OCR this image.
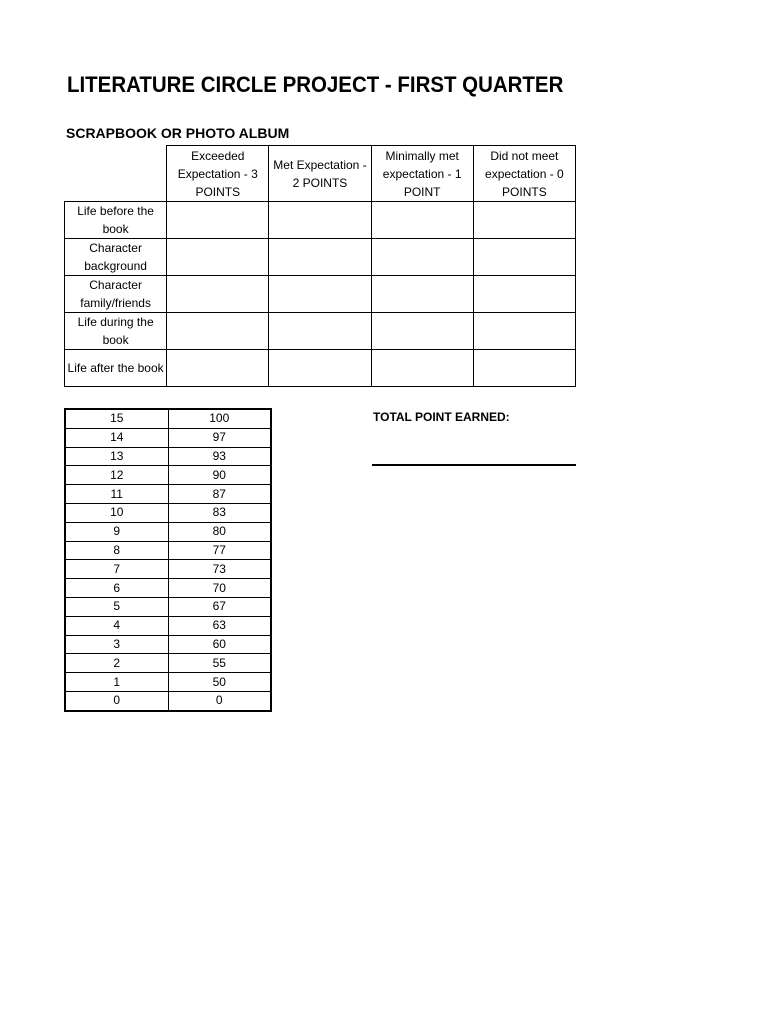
LITERATURE CIRCLE PROJECT - FIRST QUARTER
SCRAPBOOK OR PHOTO ALBUM
	Exceeded Expectation - 3 POINTS	Met Expectation - 2 POINTS	Minimally met expectation - 1 POINT	Did not meet expectation - 0 POINTS
Life before the book				
Character background				
Character family/friends				
Life during the book				
Life after the book				
15	100
14	97
13	93
12	90
11	87
10	83
9	80
8	77
7	73
6	70
5	67
4	63
3	60
2	55
1	50
0	0
TOTAL POINT EARNED:
